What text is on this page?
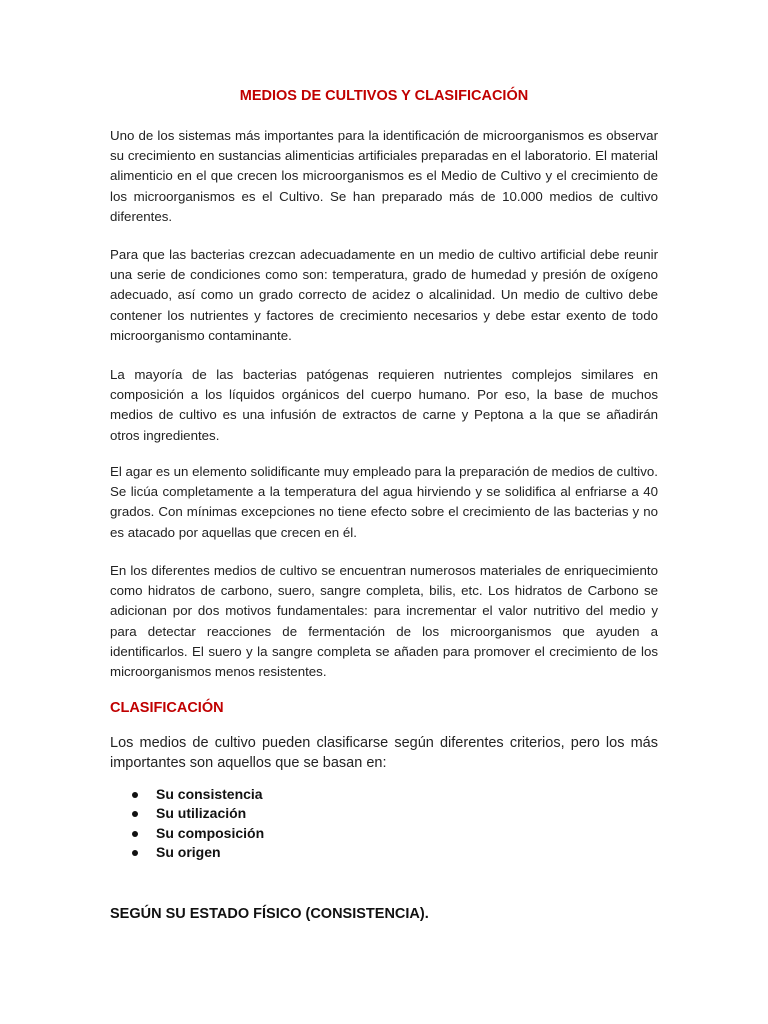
MEDIOS DE CULTIVOS Y CLASIFICACIÓN

Uno de los sistemas más importantes para la identificación de microorganismos es observar su crecimiento en sustancias alimenticias artificiales preparadas en el laboratorio. El material alimenticio en el que crecen los microorganismos es el Medio de Cultivo y el crecimiento de los microorganismos es el Cultivo. Se han preparado más de 10.000 medios de cultivo diferentes.

Para que las bacterias crezcan adecuadamente en un medio de cultivo artificial debe reunir una serie de condiciones como son: temperatura, grado de humedad y presión de oxígeno adecuado, así como un grado correcto de acidez o alcalinidad. Un medio de cultivo debe contener los nutrientes y factores de crecimiento necesarios y debe estar exento de todo microorganismo contaminante.

La mayoría de las bacterias patógenas requieren nutrientes complejos similares en composición a los líquidos orgánicos del cuerpo humano. Por eso, la base de muchos medios de cultivo es una infusión de extractos de carne y Peptona a la que se añadirán otros ingredientes.

El agar es un elemento solidificante muy empleado para la preparación de medios de cultivo. Se licúa completamente a la temperatura del agua hirviendo y se solidifica al enfriarse a 40 grados. Con mínimas excepciones no tiene efecto sobre el crecimiento de las bacterias y no es atacado por aquellas que crecen en él.

En los diferentes medios de cultivo se encuentran numerosos materiales de enriquecimiento como hidratos de carbono, suero, sangre completa, bilis, etc. Los hidratos de Carbono se adicionan por dos motivos fundamentales: para incrementar el valor nutritivo del medio y para detectar reacciones de fermentación de los microorganismos que ayuden a identificarlos. El suero y la sangre completa se añaden para promover el crecimiento de los microorganismos menos resistentes.

CLASIFICACIÓN

Los medios de cultivo pueden clasificarse según diferentes criterios, pero los más importantes son aquellos que se basan en:

Su consistencia
Su utilización
Su composición
Su origen
SEGÚN SU ESTADO FÍSICO (CONSISTENCIA).
